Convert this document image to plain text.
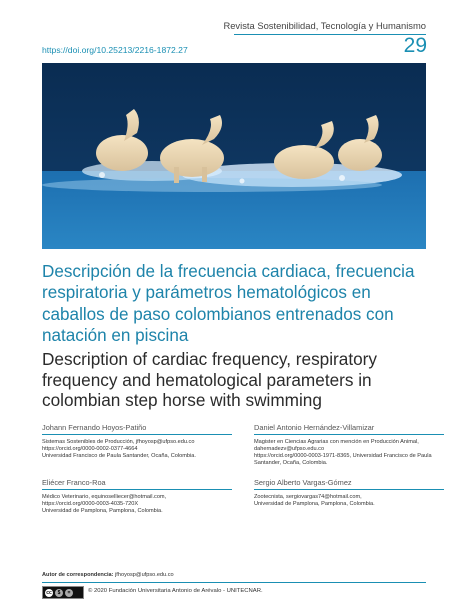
Revista Sostenibilidad, Tecnología y Humanismo
29
https://doi.org/10.25213/2216-1872.27
Descripción de la frecuencia cardiaca, frecuencia respiratoria y parámetros hematológicos en caballos de paso colombianos entrenados con natación en piscina
Description of cardiac frequency, respiratory frequency and hematological parameters in colombian step horse with swimming
Johann Fernando Hoyos-Patiño
Sistemas Sostenibles de Producción, jfhoyosp@ufpso.edu.co
https://orcid.org/0000-0002-0377-4664
Universidad Francisco de Paula Santander, Ocaña, Colombia.
Eliécer Franco-Roa
Médico Veterinario, equinoselliecer@hotmail.com,
https://orcid.org/0000-0003-4035-720X
Universidad de Pamplona, Pamplona, Colombia.
Daniel Antonio Hernández-Villamizar
Magister en Ciencias Agrarias con mención en Producción Animal, dahernadezv@ufpso.edu.co
https://orcid.org/0000-0003-1971-8365, Universidad Francisco de Paula Santander, Ocaña, Colombia.
Sergio Alberto Vargas-Gómez
Zootecnista, sergiovargas74@hotmail.com,
Universidad de Pamplona, Pamplona, Colombia.
Autor de correspondencia: jfhoyosp@ufpso.edu.co
cc	$	=	© 2020 Fundación Universitaria Antonio de Arévalo - UNITECNAR.
